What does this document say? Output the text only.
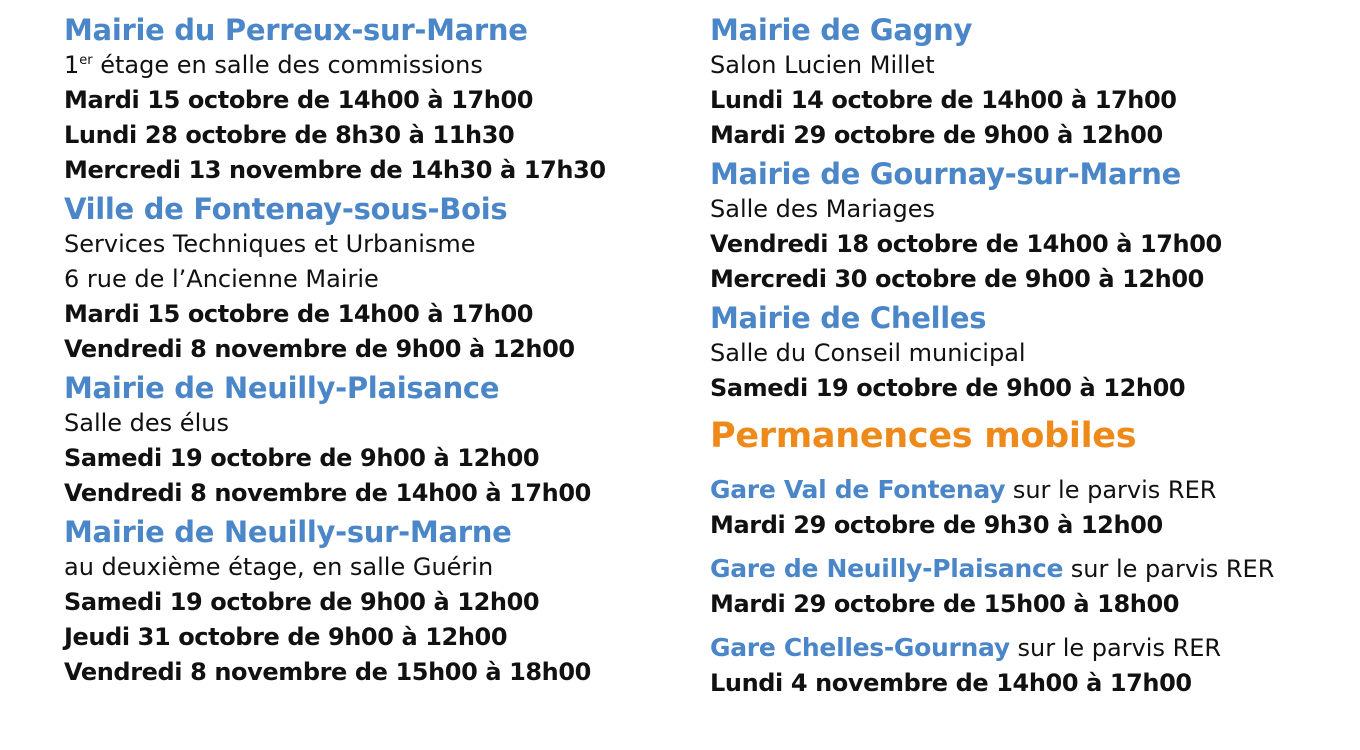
Mairie du Perreux-sur-Marne
1er étage en salle des commissions
Mardi 15 octobre de 14h00 à 17h00
Lundi 28 octobre de 8h30 à 11h30
Mercredi 13 novembre de 14h30 à 17h30
Ville de Fontenay-sous-Bois
Services Techniques et Urbanisme
6 rue de l’Ancienne Mairie
Mardi 15 octobre de 14h00 à 17h00
Vendredi 8 novembre de 9h00 à 12h00
Mairie de Neuilly-Plaisance
Salle des élus
Samedi 19 octobre de 9h00 à 12h00
Vendredi 8 novembre de 14h00 à 17h00
Mairie de Neuilly-sur-Marne
au deuxième étage, en salle Guérin
Samedi 19 octobre de 9h00 à 12h00
Jeudi 31 octobre de 9h00 à 12h00
Vendredi 8 novembre de 15h00 à 18h00
Mairie de Gagny
Salon Lucien Millet
Lundi 14 octobre de 14h00 à 17h00
Mardi 29 octobre de 9h00 à 12h00
Mairie de Gournay-sur-Marne
Salle des Mariages
Vendredi 18 octobre de 14h00 à 17h00
Mercredi 30 octobre de 9h00 à 12h00
Mairie de Chelles
Salle du Conseil municipal
Samedi 19 octobre de 9h00 à 12h00
Permanences mobiles
Gare Val de Fontenay sur le parvis RER
Mardi 29 octobre de 9h30 à 12h00
Gare de Neuilly-Plaisance sur le parvis RER
Mardi 29 octobre de 15h00 à 18h00
Gare Chelles-Gournay sur le parvis RER
Lundi 4 novembre de 14h00 à 17h00
